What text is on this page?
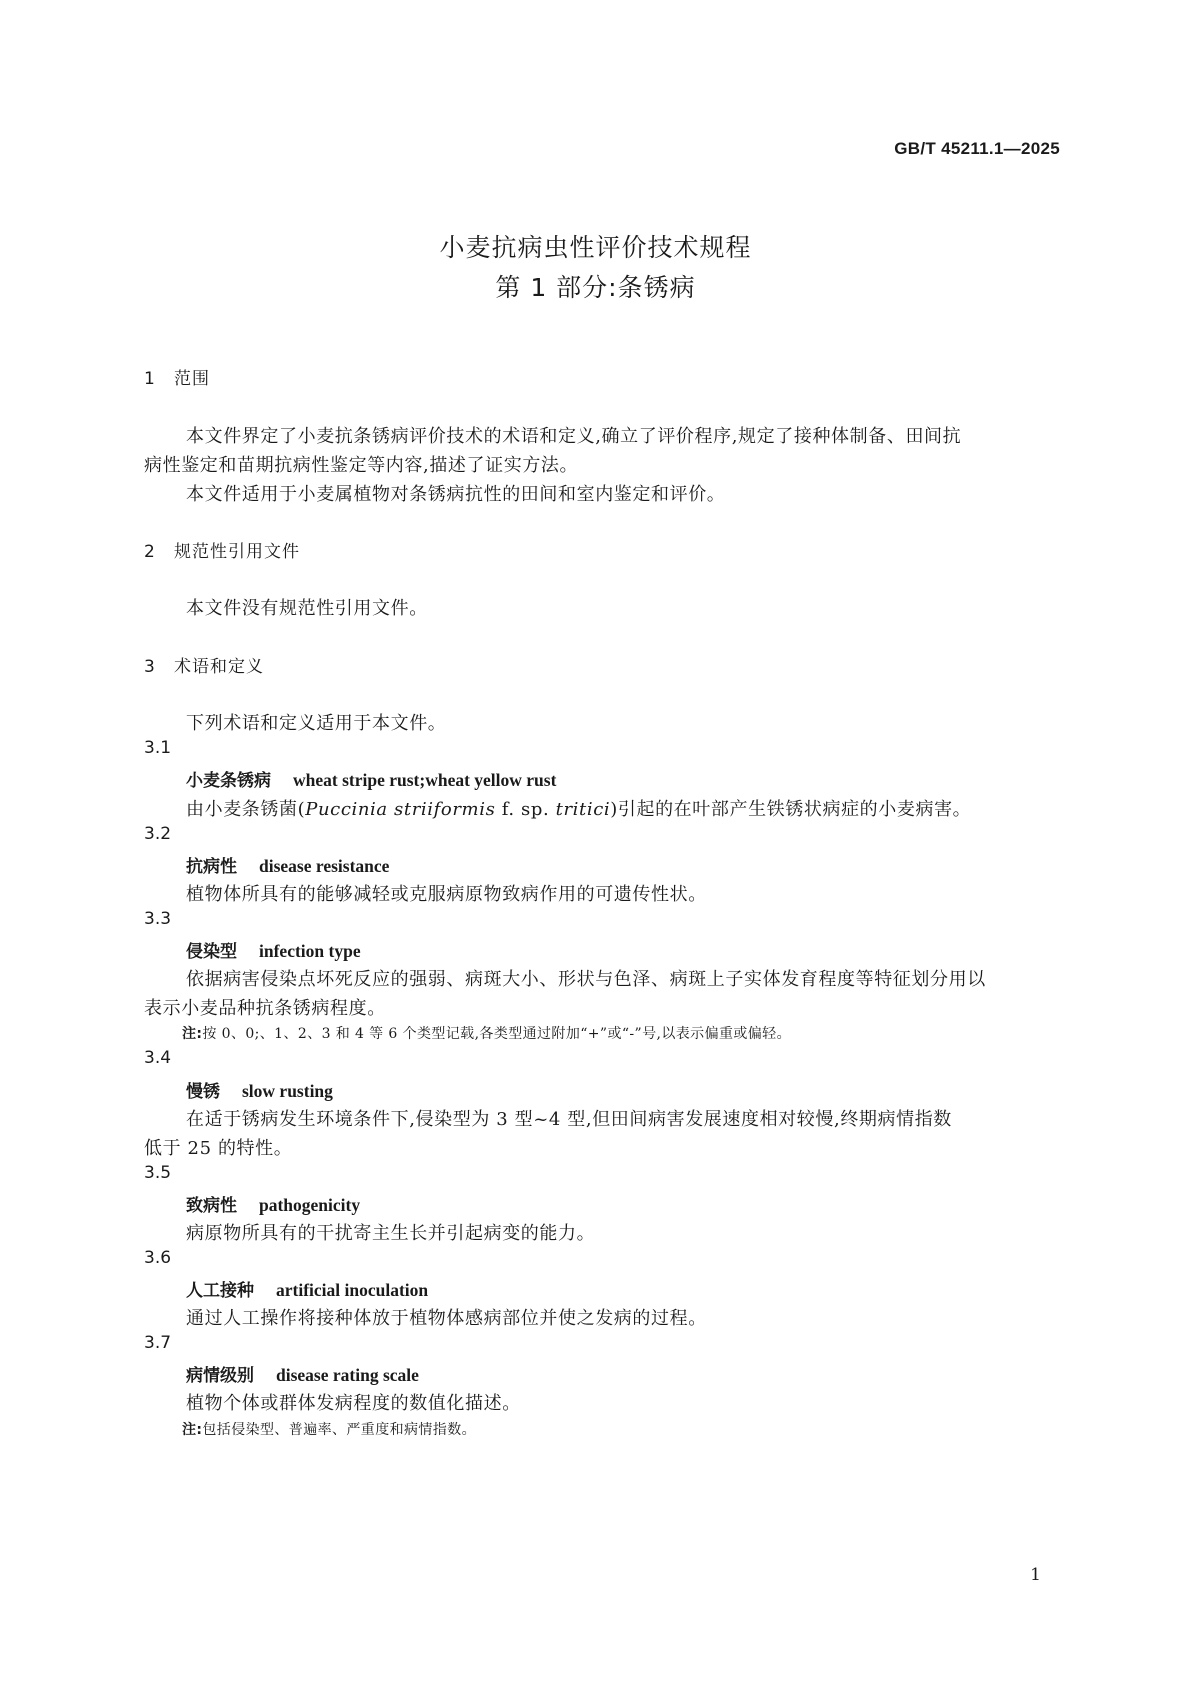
GB/T 45211.1—2025
小麦抗病虫性评价技术规程
第 1 部分:条锈病
1 范围
本文件界定了小麦抗条锈病评价技术的术语和定义,确立了评价程序,规定了接种体制备、田间抗
病性鉴定和苗期抗病性鉴定等内容,描述了证实方法。
本文件适用于小麦属植物对条锈病抗性的田间和室内鉴定和评价。
2 规范性引用文件
本文件没有规范性引用文件。
3 术语和定义
下列术语和定义适用于本文件。
3.1
小麦条锈病 wheat stripe rust;wheat yellow rust
由小麦条锈菌(Puccinia striiformis f. sp. tritici)引起的在叶部产生铁锈状病症的小麦病害。
3.2
抗病性 disease resistance
植物体所具有的能够减轻或克服病原物致病作用的可遗传性状。
3.3
侵染型 infection type
依据病害侵染点坏死反应的强弱、病斑大小、形状与色泽、病斑上子实体发育程度等特征划分用以
表示小麦品种抗条锈病程度。
注:按 0、0;、1、2、3 和 4 等 6 个类型记载,各类型通过附加“+”或“-”号,以表示偏重或偏轻。
3.4
慢锈 slow rusting
在适于锈病发生环境条件下,侵染型为 3 型~4 型,但田间病害发展速度相对较慢,终期病情指数
低于 25 的特性。
3.5
致病性 pathogenicity
病原物所具有的干扰寄主生长并引起病变的能力。
3.6
人工接种 artificial inoculation
通过人工操作将接种体放于植物体感病部位并使之发病的过程。
3.7
病情级别 disease rating scale
植物个体或群体发病程度的数值化描述。
注:包括侵染型、普遍率、严重度和病情指数。
1
